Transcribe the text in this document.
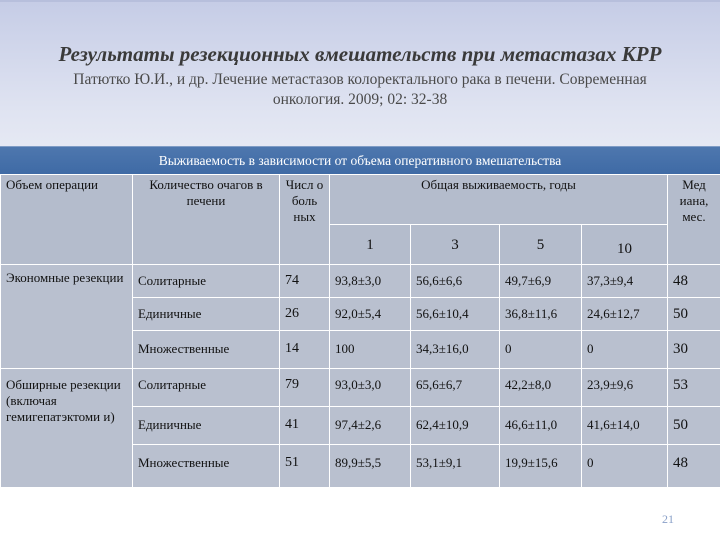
Результаты резекционных вмешательств при метастазах КРР
Патютко Ю.И., и др. Лечение метастазов колоректального рака в печени. Современная онкология. 2009; 02: 32-38
Выживаемость в зависимости от объема оперативного вмешательства
Объем операции	Количество очагов в печени	Числ о боль ных	Общая выживаемость, годы				Мед иана, мес.
			1	3	5	10	
Экономные резекции	Солитарные	74	93,8±3,0	56,6±6,6	49,7±6,9	37,3±9,4	48
	Единичные	26	92,0±5,4	56,6±10,4	36,8±11,6	24,6±12,7	50
	Множественные	14	100	34,3±16,0	0	0	30
Обширные резекции (включая гемигепатэктоми и)	Солитарные	79	93,0±3,0	65,6±6,7	42,2±8,0	23,9±9,6	53
	Единичные	41	97,4±2,6	62,4±10,9	46,6±11,0	41,6±14,0	50
	Множественные	51	89,9±5,5	53,1±9,1	19,9±15,6	0	48
21
